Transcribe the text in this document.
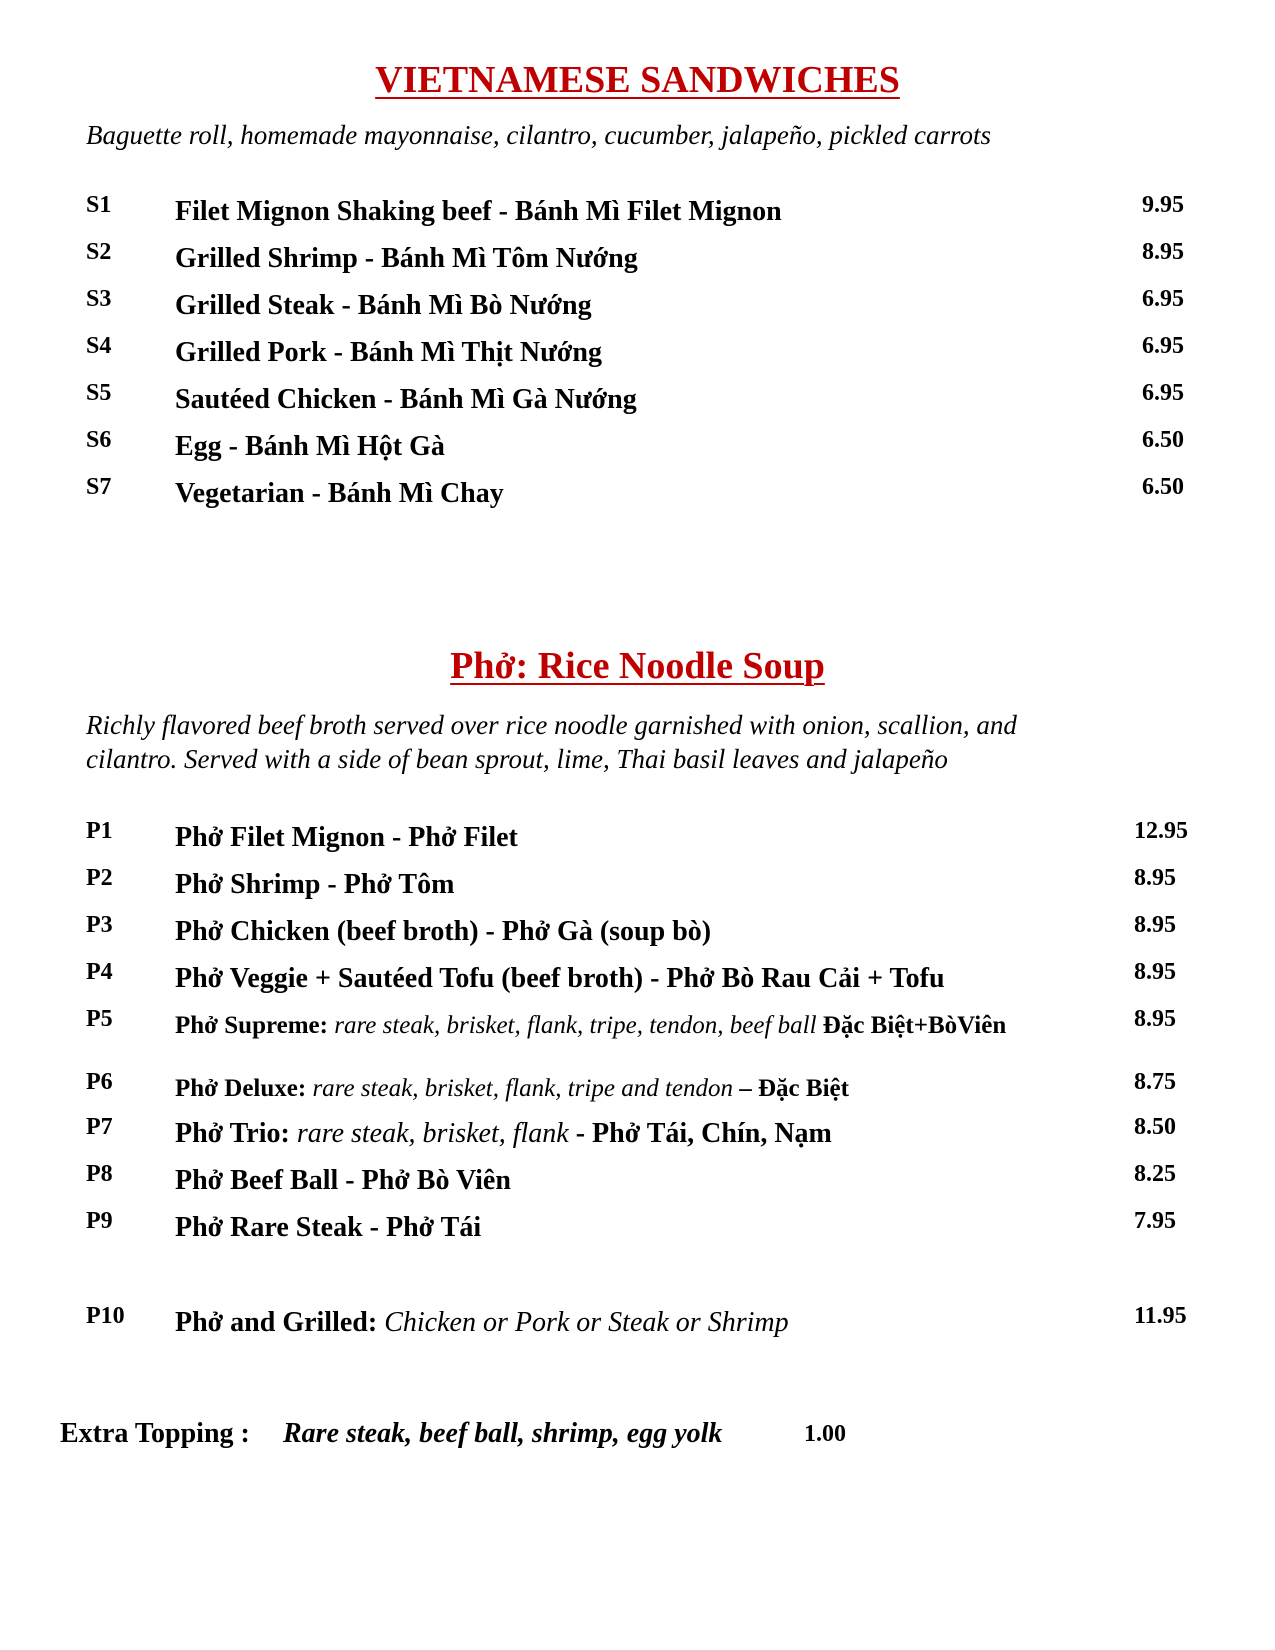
VIETNAMESE SANDWICHES
Baguette roll, homemade mayonnaise, cilantro, cucumber, jalapeño, pickled carrots
S1 Filet Mignon Shaking beef - Bánh Mì Filet Mignon	9.95
S2 Grilled Shrimp - Bánh Mì Tôm Nướng	8.95
S3 Grilled Steak - Bánh Mì Bò Nướng	6.95
S4 Grilled Pork - Bánh Mì Thịt Nướng	6.95
S5 Sautéed Chicken - Bánh Mì Gà Nướng	6.95
S6 Egg - Bánh Mì Hột Gà	6.50
S7 Vegetarian - Bánh Mì Chay	6.50
Phở: Rice Noodle Soup
Richly flavored beef broth served over rice noodle garnished with onion, scallion, and
cilantro. Served with a side of bean sprout, lime, Thai basil leaves and jalapeño
P1 Phở Filet Mignon - Phở Filet	12.95
P2 Phở Shrimp - Phở Tôm	8.95
P3 Phở Chicken (beef broth) - Phở Gà (soup bò)	8.95
P4 Phở Veggie + Sautéed Tofu (beef broth) - Phở Bò Rau Cải + Tofu	8.95
P5 Phở Supreme: rare steak, brisket, flank, tripe, tendon, beef ball Đặc Biệt+BòViên	8.95
P6 Phở Deluxe: rare steak, brisket, flank, tripe and tendon – Đặc Biệt	8.75
P7 Phở Trio: rare steak, brisket, flank - Phở Tái, Chín, Nạm	8.50
P8 Phở Beef Ball - Phở Bò Viên	8.25
P9 Phở Rare Steak - Phở Tái	7.95
P10 Phở and Grilled: Chicken or Pork or Steak or Shrimp	11.95
Extra Topping : Rare steak, beef ball, shrimp, egg yolk	1.00
